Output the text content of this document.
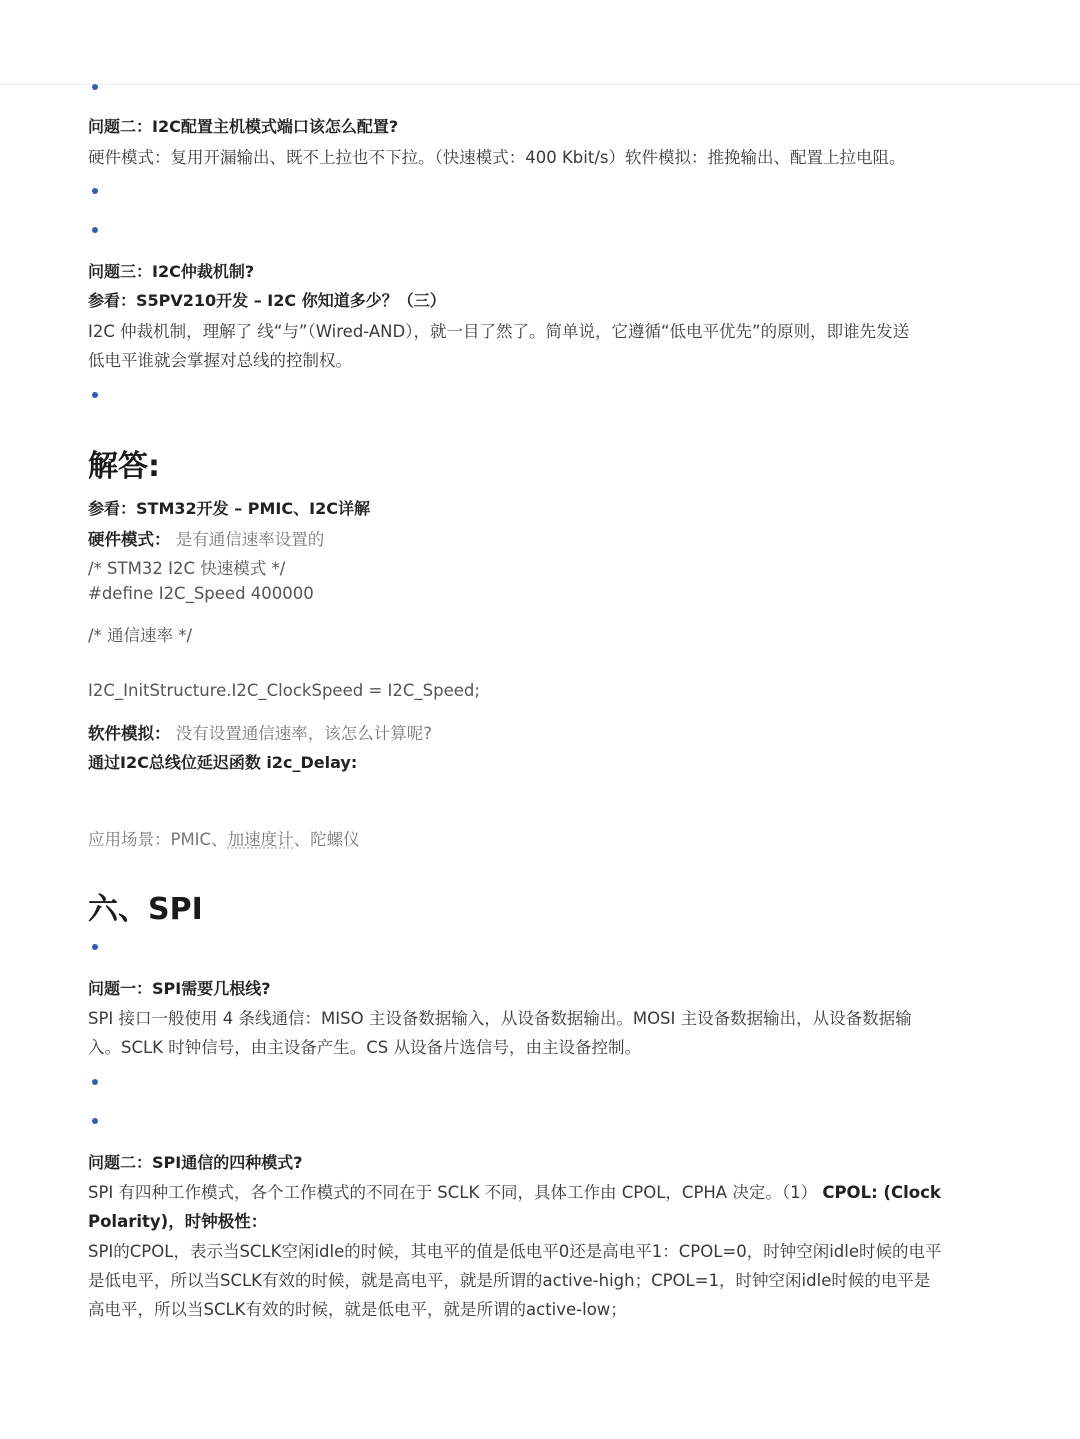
问题二：I2C配置主机模式端口该怎么配置?
硬件模式：复用开漏输出、既不上拉也不下拉。（快速模式：400 Kbit/s）软件模拟：推挽输出、配置上拉电阻。
问题三：I2C仲裁机制?
参看：S5PV210开发 – I2C 你知道多少？（三）
I2C 仲裁机制，理解了 线“与”（Wired-AND），就一目了然了。简单说，它遵循“低电平优先”的原则，即谁先发送
低电平谁就会掌握对总线的控制权。
解答:
参看：STM32开发 – PMIC、I2C详解
硬件模式： 是有通信速率设置的
/* STM32 I2C 快速模式 */
#define I2C_Speed 400000
/* 通信速率 */
I2C_InitStructure.I2C_ClockSpeed = I2C_Speed;
软件模拟： 没有设置通信速率，该怎么计算呢?
通过I2C总线位延迟函数 i2c_Delay:
应用场景：PMIC、加速度计、陀螺仪
六、SPI
问题一：SPI需要几根线?
SPI 接口一般使用 4 条线通信：MISO 主设备数据输入，从设备数据输出。MOSI 主设备数据输出，从设备数据输
入。SCLK 时钟信号，由主设备产生。CS 从设备片选信号，由主设备控制。
问题二：SPI通信的四种模式?
SPI 有四种工作模式，各个工作模式的不同在于 SCLK 不同，具体工作由 CPOL，CPHA 决定。（1） CPOL: (Clock
Polarity)，时钟极性：
SPI的CPOL，表示当SCLK空闲idle的时候，其电平的值是低电平0还是高电平1：CPOL=0，时钟空闲idle时候的电平
是低电平，所以当SCLK有效的时候，就是高电平，就是所谓的active-high；CPOL=1，时钟空闲idle时候的电平是
高电平，所以当SCLK有效的时候，就是低电平，就是所谓的active-low；
